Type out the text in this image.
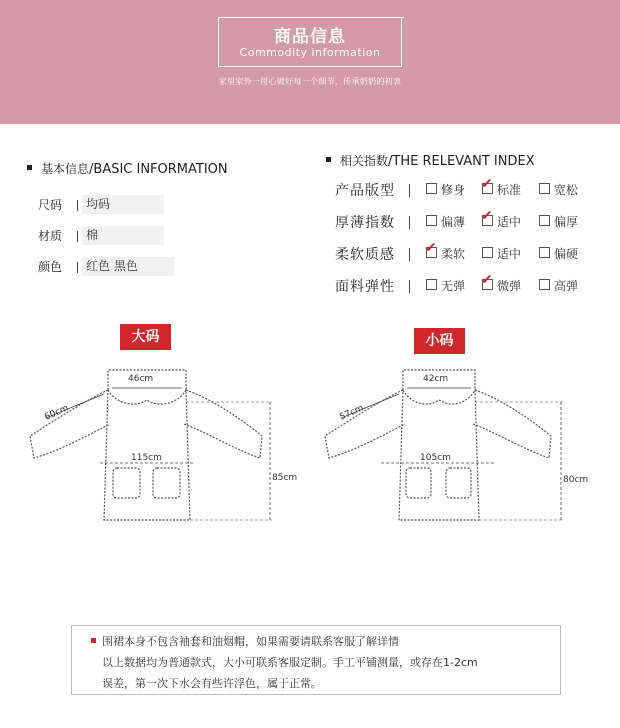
商品信息
Commodity information
家里家外一用心做好每一个细节，传承奶奶的初衷
基本信息/BASIC INFORMATION
尺码	均码
材质	棉
颜色	红色 黑色
相关指数/THE RELEVANT INDEX
产品版型	修身 ✔ 标准	宽松
厚薄指数	偏薄 ✔ 适中	偏厚
柔软质感 ✔ 柔软	适中	偏硬
面料弹性	无弹 ✔ 微弹	高弹
大码	小码
46cm
115cm
85cm
60cm
42cm
105cm
80cm
57cm
围裙本身不包含袖套和油烟帽，如果需要请联系客服了解详情
以上数据均为普通款式，大小可联系客服定制。手工平铺测量，或存在1-2cm
误差，第一次下水会有些许浮色，属于正常。
